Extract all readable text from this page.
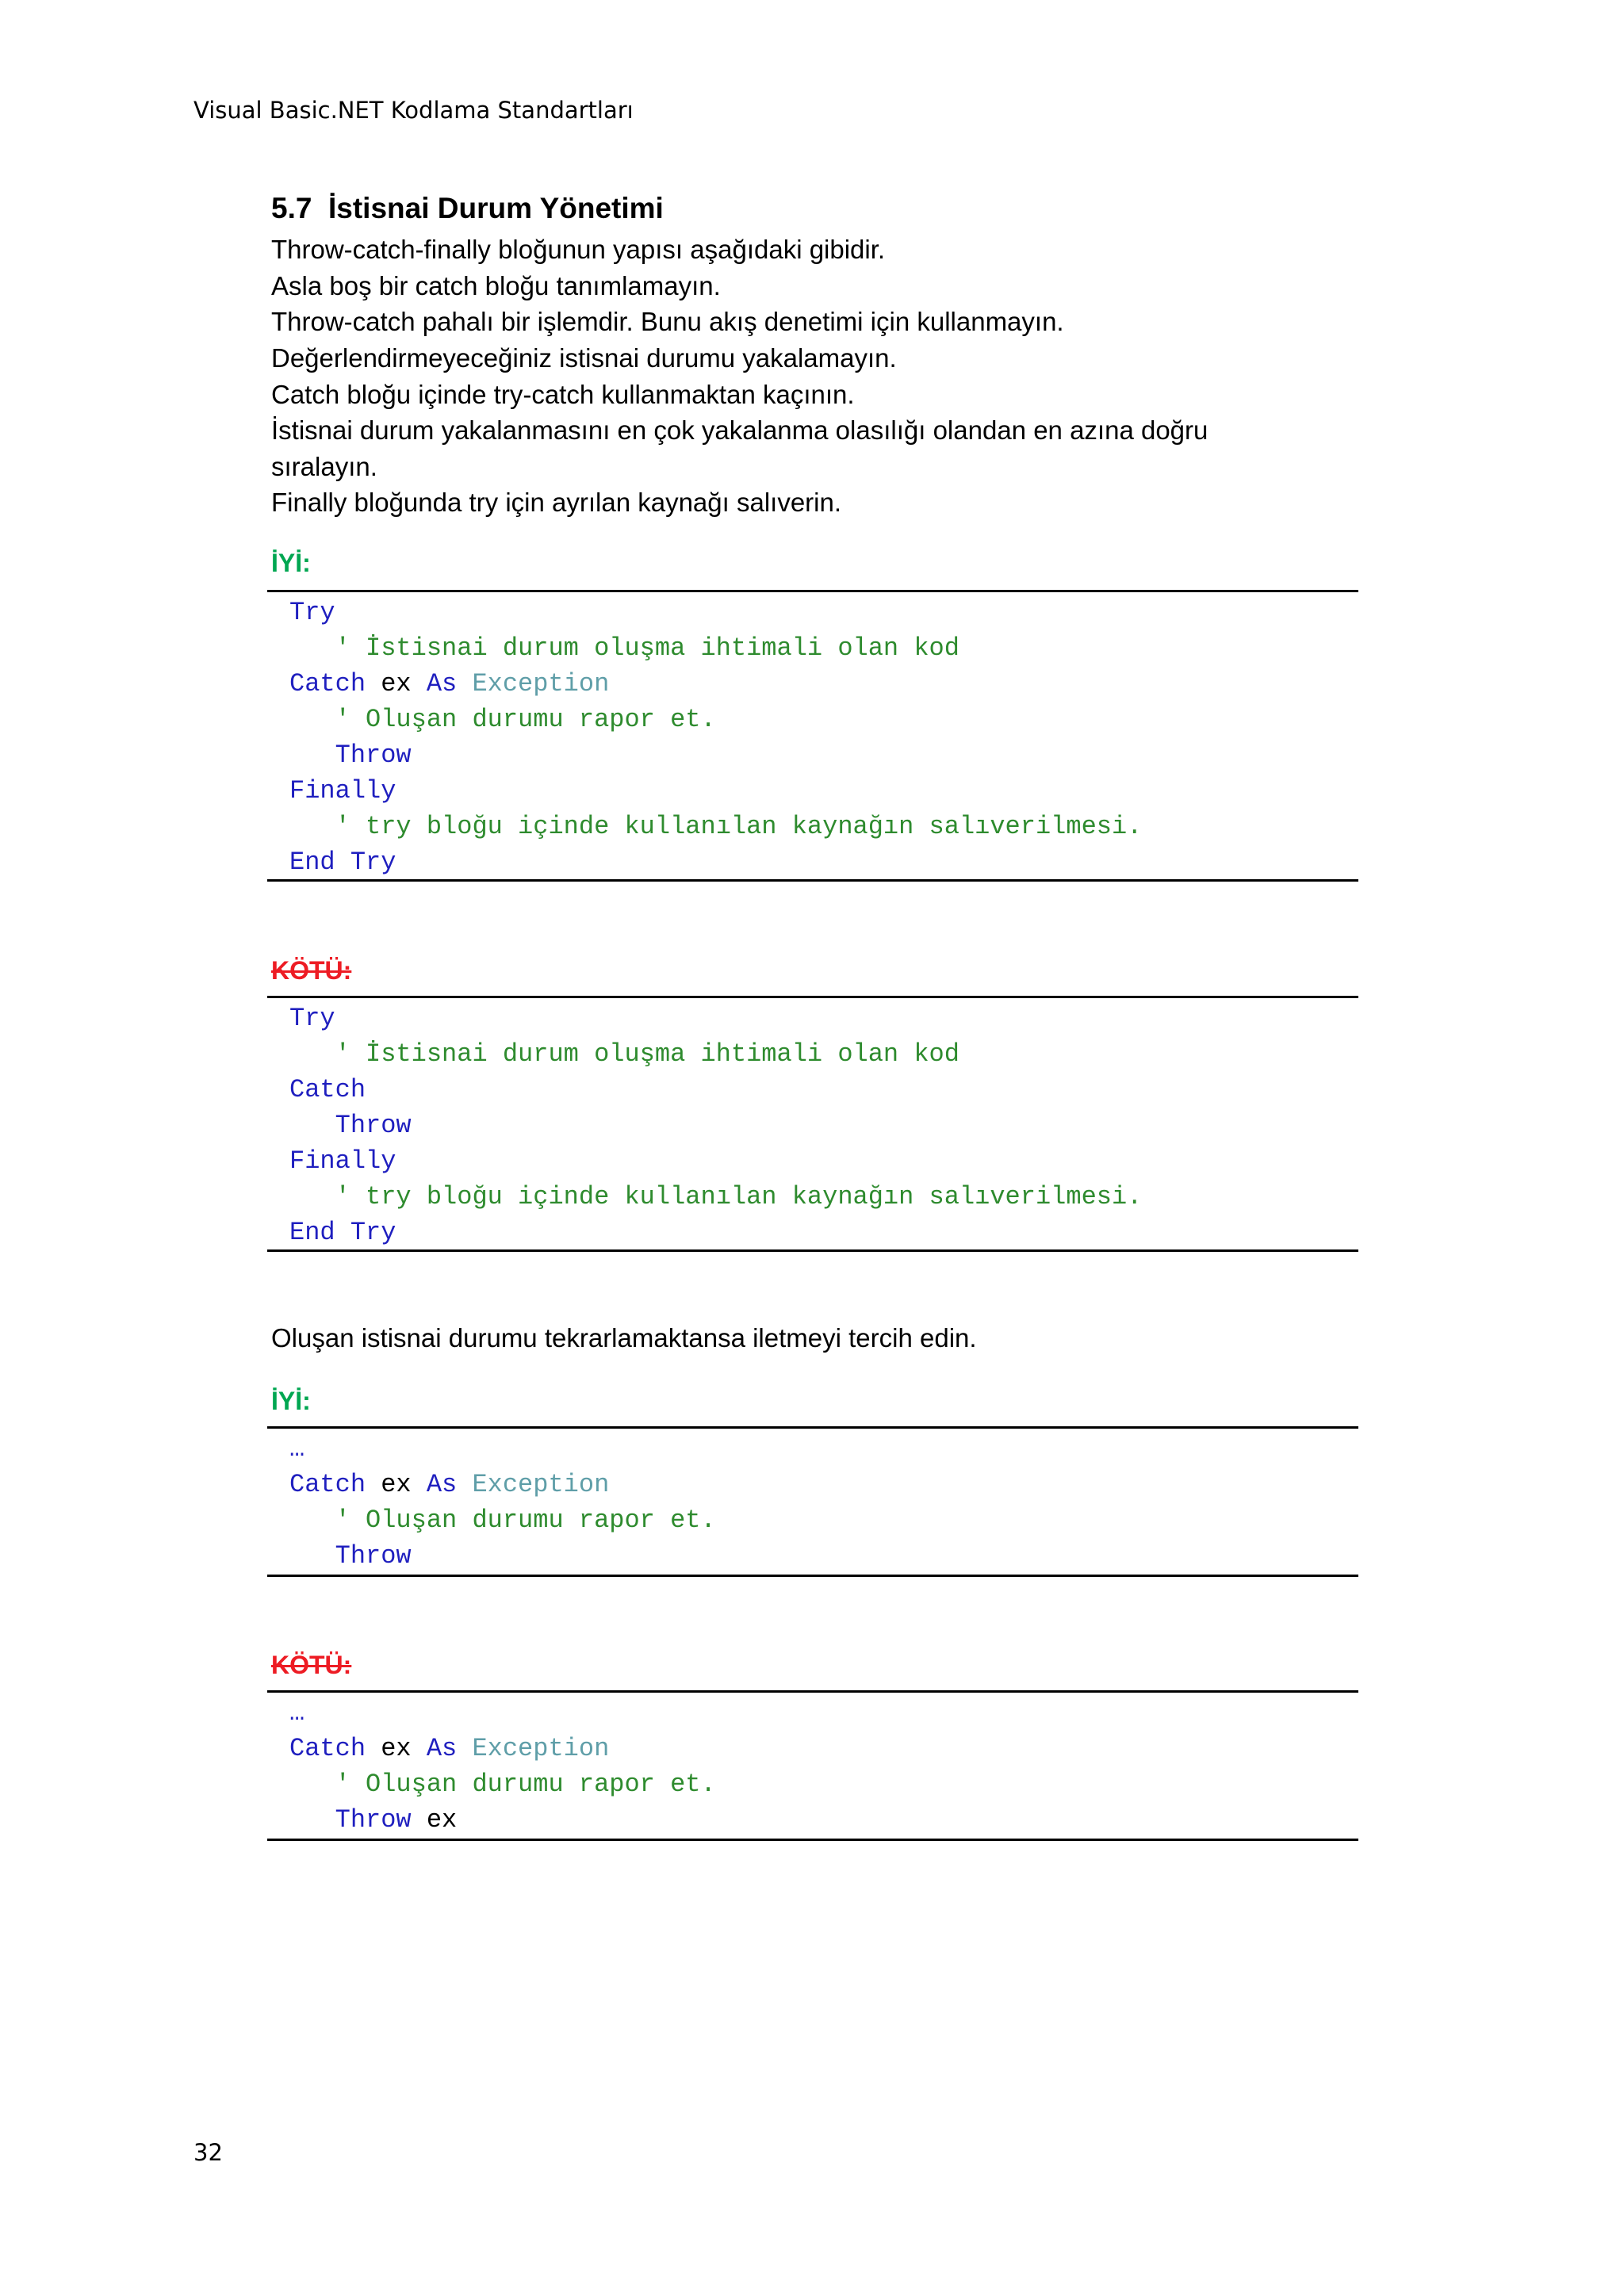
Visual Basic.NET Kodlama Standartları
5.7  İstisnai Durum Yönetimi
Throw-catch-finally bloğunun yapısı aşağıdaki gibidir.
Asla boş bir catch bloğu tanımlamayın.
Throw-catch pahalı bir işlemdir. Bunu akış denetimi için kullanmayın.
Değerlendirmeyeceğiniz istisnai durumu yakalamayın.
Catch bloğu içinde try-catch kullanmaktan kaçının.
İstisnai durum yakalanmasını en çok yakalanma olasılığı olandan en azına doğru
sıralayın.
Finally bloğunda try için ayrılan kaynağı salıverin.
İYİ:
Try
' İstisnai durum oluşma ihtimali olan kod
Catch ex As Exception
' Oluşan durumu rapor et.
Throw
Finally
' try bloğu içinde kullanılan kaynağın salıverilmesi.
End Try
KÖTÜ:
Try
' İstisnai durum oluşma ihtimali olan kod
Catch
Throw
Finally
' try bloğu içinde kullanılan kaynağın salıverilmesi.
End Try
Oluşan istisnai durumu tekrarlamaktansa iletmeyi tercih edin.
İYİ:
…
Catch ex As Exception
' Oluşan durumu rapor et.
Throw
KÖTÜ:
…
Catch ex As Exception
' Oluşan durumu rapor et.
Throw ex
32
